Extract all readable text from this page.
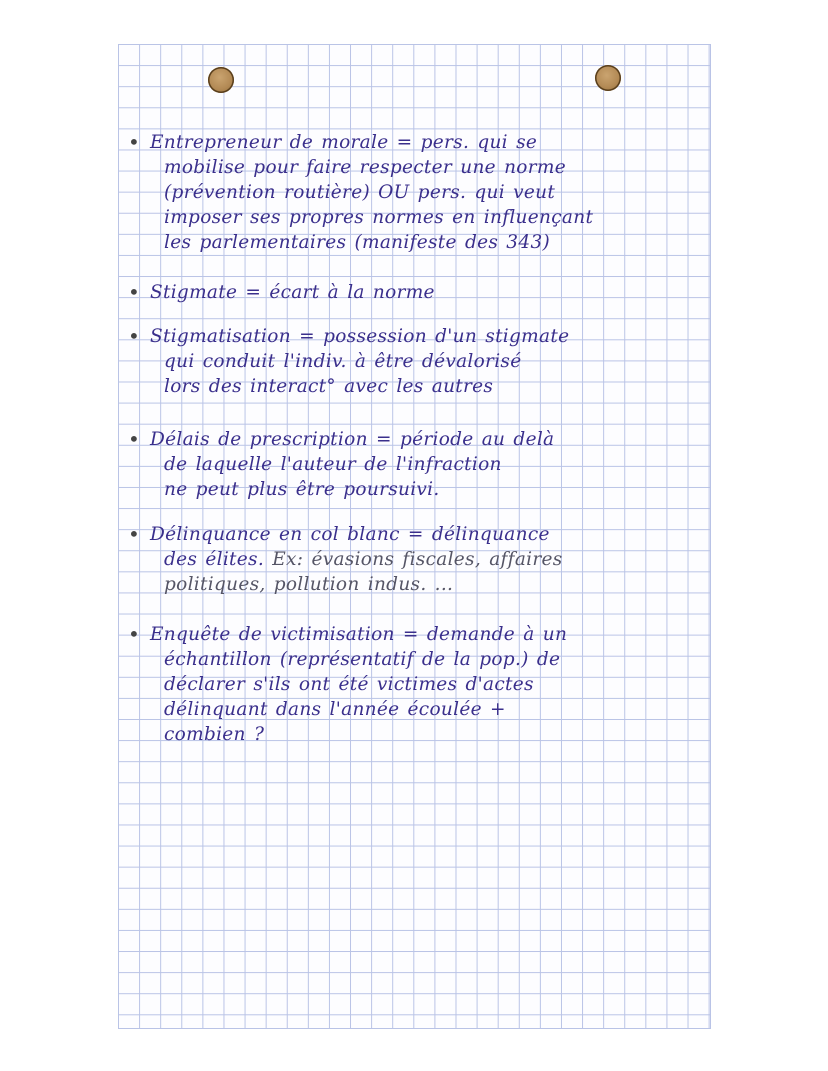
• Entrepreneur de morale = pers. qui se
mobilise pour faire respecter une norme
(prévention routière) OU pers. qui veut
imposer ses propres normes en influençant
les parlementaires (manifeste des 343)
• Stigmate = écart à la norme
• Stigmatisation = possession d'un stigmate
qui conduit l'indiv. à être dévalorisé
lors des interact° avec les autres
• Délais de prescription = période au delà
de laquelle l'auteur de l'infraction
ne peut plus être poursuivi.
• Délinquance en col blanc = délinquance
des élites. Ex: évasions fiscales, affaires
politiques, pollution indus. ...
• Enquête de victimisation = demande à un
échantillon (représentatif de la pop.) de
déclarer s'ils ont été victimes d'actes
délinquant dans l'année écoulée +
combien ?
